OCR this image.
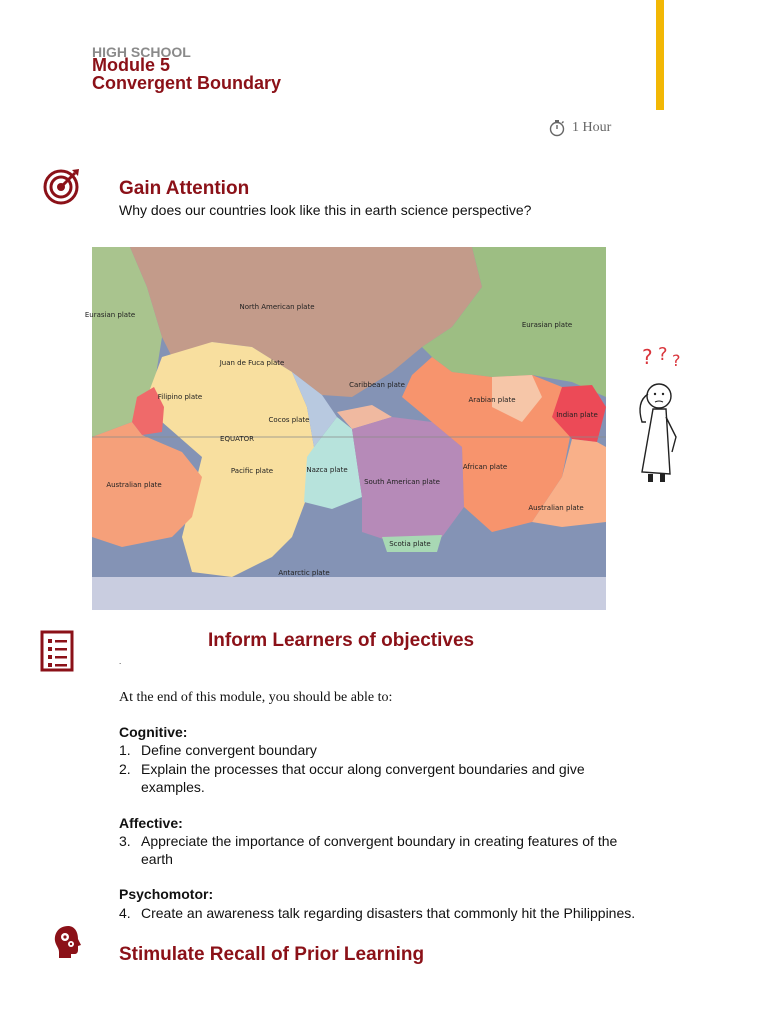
HIGH SCHOOL
Module 5
Convergent Boundary
1 Hour
Gain Attention
Why does our countries look like this in earth science perspective?
Eurasian plate
North American plate
Eurasian plate
Juan de Fuca plate
Filipino plate
Caribbean plate
Cocos plate
Arabian plate
Indian plate
EQUATOR
Pacific plate	Nazca plate
South American plate
African plate
Australian plate
Australian plate
Scotia plate
Antarctic plate
? ? ?
Inform Learners of objectives
.
At the end of this module, you should be able to:
Cognitive:
1. Define convergent boundary
2. Explain the processes that occur along convergent boundaries and give examples.
Affective:
3. Appreciate the importance of convergent boundary in creating features of the earth
Psychomotor:
4. Create an awareness talk regarding disasters that commonly hit the Philippines.
Stimulate Recall of Prior Learning
